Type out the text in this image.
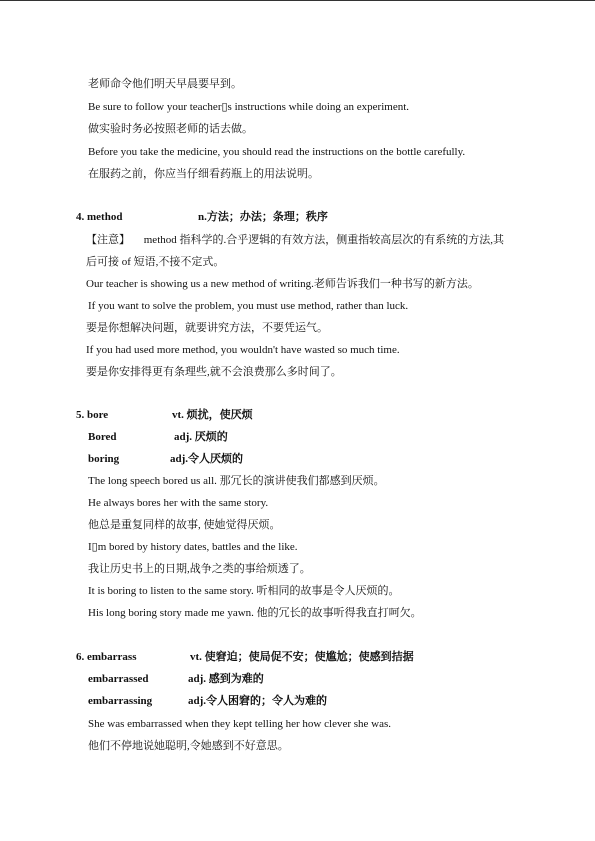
老师命令他们明天早晨要早到。
Be sure to follow your teacher▯s instructions while doing an experiment.
做实验时务必按照老师的话去做。
Before you take the medicine, you should read the instructions on the bottle carefully.
在服药之前，你应当仔细看药瓶上的用法说明。
4. method	n.方法；办法；条理；秩序
【注意】  method 指科学的.合乎逻辑的有效方法，侧重指较高层次的有系统的方法,其
后可接 of 短语,不接不定式。
Our teacher is showing us a new method of writing.老师告诉我们一种书写的新方法。
If you want to solve the problem, you must use method, rather than luck.
要是你想解决问题，就要讲究方法，不要凭运气。
If you had used more method, you wouldn't have wasted so much time.
要是你安排得更有条理些,就不会浪费那么多时间了。
5. bore	vt. 烦扰，使厌烦
Bored	adj. 厌烦的
boring	adj.令人厌烦的
The long speech bored us all. 那冗长的演讲使我们都感到厌烦。
He always bores her with the same story.
他总是重复同样的故事, 使她觉得厌烦。
I▯m bored by history dates, battles and the like.
我让历史书上的日期,战争之类的事给烦透了。
It is boring to listen to the same story. 听相同的故事是令人厌烦的。
His long boring story made me yawn. 他的冗长的故事听得我直打呵欠。
6. embarrass	vt. 使窘迫；使局促不安；使尴尬；使感到拮据
embarrassed	adj. 感到为难的
embarrassing	adj.令人困窘的；令人为难的
She was embarrassed when they kept telling her how clever she was.
他们不停地说她聪明,令她感到不好意思。
